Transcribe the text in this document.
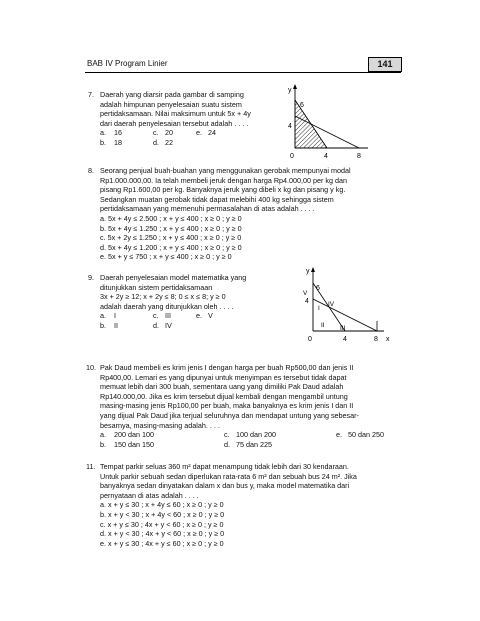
BAB IV Program Linier	141
7. Daerah yang diarsir pada gambar di samping
adalah himpunan penyelesaian suatu sistem
pertidaksamaan. Nilai maksimum untuk 5x + 4y
dari daerah penyelesaian tersebut adalah . . . .
a.	16	c. 20	e. 24
b.	18	d. 22
y
6
4
0	4	8
8. Seorang penjual buah-buahan yang menggunakan gerobak mempunyai modal
Rp1.000.000,00. Ia telah membeli jeruk dengan harga Rp4.000,00 per kg dan
pisang Rp1.600,00 per kg. Banyaknya jeruk yang dibeli x kg dan pisang y kg.
Sedangkan muatan gerobak tidak dapat melebihi 400 kg sehingga sistem
pertidaksamaan yang memenuhi permasalahan di atas adalah . . . .
a. 5x + 4y ≤ 2.500 ; x + y ≤ 400 ; x ≥ 0 ; y ≥ 0
b. 5x + 4y ≤ 1.250 ; x + y ≤ 400 ; x ≥ 0 ; y ≥ 0
c. 5x + 2y ≤ 1.250 ; x + y ≤ 400 ; x ≥ 0 ; y ≥ 0
d. 5x + 4y ≤ 1.200 ; x + y ≤ 400 ; x ≥ 0 ; y ≥ 0
e. 5x + y ≤ 750 ; x + y ≤ 400 ; x ≥ 0 ; y ≥ 0
9. Daerah penyelesaian model matematika yang
ditunjukkan sistem pertidaksamaan
3x + 2y ≥ 12; x + 2y ≤ 8; 0 ≤ x ≤ 8; y ≥ 0
adalah daerah yang ditunjukkan oleh . . . .
a.	I	c. III	e. V
b.	II	d. IV
y
x
6
4
0	4	8
V
I
IV
II III
10. Pak Daud membeli es krim jenis I dengan harga per buah Rp500,00 dan jenis II
Rp400,00. Lemari es yang dipunyai untuk menyimpan es tersebut tidak dapat
memuat lebih dari 300 buah, sementara uang yang dimiliki Pak Daud adalah
Rp140.000,00. Jika es krim tersebut dijual kembali dengan mengambil untung
masing-masing jenis Rp100,00 per buah, maka banyaknya es krim jenis I dan II
yang dijual Pak Daud jika terjual seluruhnya dan mendapat untung yang sebesar-
besarnya, masing-masing adalah. . . .
a.	200 dan 100	c. 100 dan 200	e. 50 dan 250
b.	150 dan 150	d. 75 dan 225
11. Tempat parkir seluas 360 m² dapat menampung tidak lebih dari 30 kendaraan.
Untuk parkir sebuah sedan diperlukan rata-rata 6 m² dan sebuah bus 24 m². Jika
banyaknya sedan dinyatakan dalam x dan bus y, maka model matematika dari
pernyataan di atas adalah . . . .
a. x + y ≤ 30 ; x + 4y ≤ 60 ; x ≥ 0 ; y ≥ 0
b. x + y < 30 ; x + 4y < 60 ; x ≥ 0 ; y ≥ 0
c. x + y ≤ 30 ; 4x + y < 60 ; x ≥ 0 ; y ≥ 0
d. x + y < 30 ; 4x + y < 60 ; x ≥ 0 ; y ≥ 0
e. x + y ≤ 30 ; 4x + y ≤ 60 ; x ≥ 0 ; y ≥ 0
